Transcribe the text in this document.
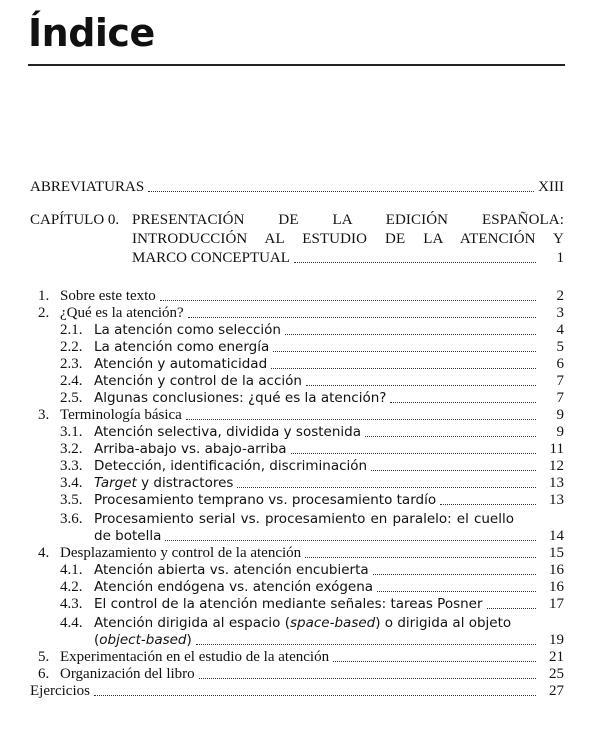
Índice
ABREVIATURAS	XIII
CAPÍTULO 0. PRESENTACIÓN DE LA EDICIÓN ESPAÑOLA:
INTRODUCCIÓN AL ESTUDIO DE LA ATENCIÓN Y
MARCO CONCEPTUAL	1
1. Sobre este texto	2
2. ¿Qué es la atención?	3
2.1. La atención como selección	4
2.2. La atención como energía	5
2.3. Atención y automaticidad	6
2.4. Atención y control de la acción	7
2.5. Algunas conclusiones: ¿qué es la atención?	7
3. Terminología básica	9
3.1. Atención selectiva, dividida y sostenida	9
3.2. Arriba-abajo vs. abajo-arriba	11
3.3. Detección, identificación, discriminación	12
3.4. Target y distractores	13
3.5. Procesamiento temprano vs. procesamiento tardío	13
3.6. Procesamiento serial vs. procesamiento en paralelo: el cuello
de botella	14
4. Desplazamiento y control de la atención	15
4.1. Atención abierta vs. atención encubierta	16
4.2. Atención endógena vs. atención exógena	16
4.3. El control de la atención mediante señales: tareas Posner	17
4.4. Atención dirigida al espacio (space-based) o dirigida al objeto
(object-based)	19
5. Experimentación en el estudio de la atención	21
6. Organización del libro	25
Ejercicios	27
